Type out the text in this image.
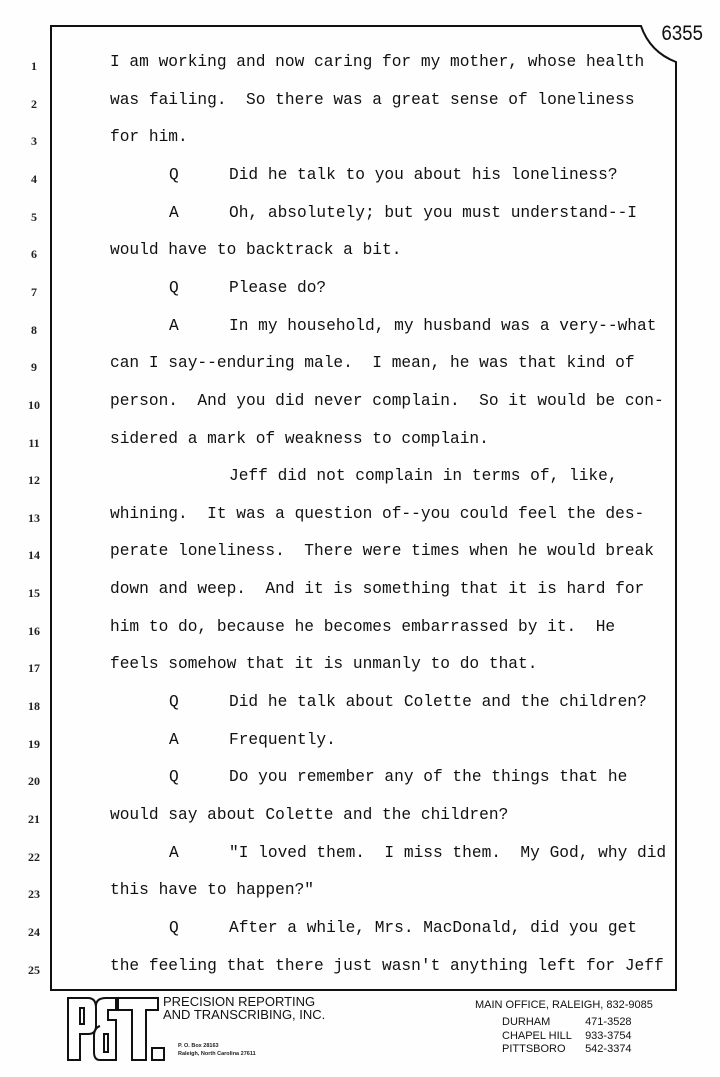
6355
1	I am working and now caring for my mother, whose health
2	was failing.  So there was a great sense of loneliness
3	for him.
4	Q	Did he talk to you about his loneliness?
5	A	Oh, absolutely; but you must understand--I
6	would have to backtrack a bit.
7	Q	Please do?
8	A	In my household, my husband was a very--what
9	can I say--enduring male.  I mean, he was that kind of
10	person.  And you did never complain.  So it would be con-
11	sidered a mark of weakness to complain.
12	Jeff did not complain in terms of, like,
13	whining.  It was a question of--you could feel the des-
14	perate loneliness.  There were times when he would break
15	down and weep.  And it is something that it is hard for
16	him to do, because he becomes embarrassed by it.  He
17	feels somehow that it is unmanly to do that.
18	Q	Did he talk about Colette and the children?
19	A	Frequently.
20	Q	Do you remember any of the things that he
21	would say about Colette and the children?
22	A	"I loved them.  I miss them.  My God, why did
23	this have to happen?"
24	Q	After a while, Mrs. MacDonald, did you get
25	the feeling that there just wasn't anything left for Jeff
PRECISION REPORTING
AND TRANSCRIBING, INC.
P. O. Box 28163
Raleigh, North Carolina 27611
MAIN OFFICE, RALEIGH, 832-9085
DURHAM	471-3528
CHAPEL HILL 933-3754
PITTSBORO 542-3374
